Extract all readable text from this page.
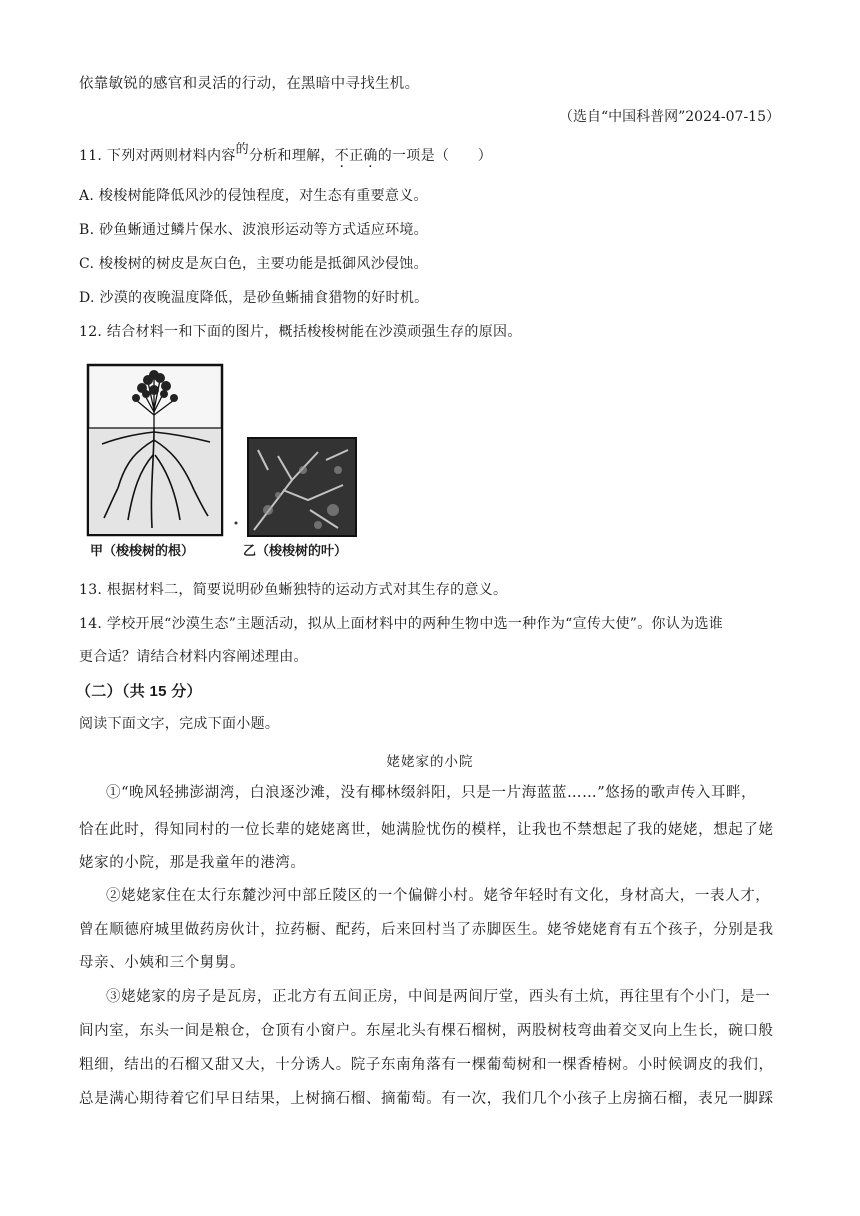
依靠敏锐的感官和灵活的行动，在黑暗中寻找生机。
（选自“中国科普网”2024-07-15）
11. 下列对两则材料内容的分析和理解，不正确的一项是（　　）
A. 梭梭树能降低风沙的侵蚀程度，对生态有重要意义。
B. 砂鱼蜥通过鳞片保水、波浪形运动等方式适应环境。
C. 梭梭树的树皮是灰白色，主要功能是抵御风沙侵蚀。
D. 沙漠的夜晚温度降低，是砂鱼蜥捕食猎物的好时机。
12. 结合材料一和下面的图片，概括梭梭树能在沙漠顽强生存的原因。
甲（梭梭树的根）	乙（梭梭树的叶）
13. 根据材料二，简要说明砂鱼蜥独特的运动方式对其生存的意义。
14. 学校开展“沙漠生态”主题活动，拟从上面材料中的两种生物中选一种作为“宣传大使”。你认为选谁
更合适？请结合材料内容阐述理由。
（二）（共 15 分）
阅读下面文字，完成下面小题。
姥姥家的小院
①“晚风轻拂澎湖湾，白浪逐沙滩，没有椰林缀斜阳，只是一片海蓝蓝……”悠扬的歌声传入耳畔，
恰在此时，得知同村的一位长辈的姥姥离世，她满脸忧伤的模样，让我也不禁想起了我的姥姥，想起了姥
姥家的小院，那是我童年的港湾。
②姥姥家住在太行东麓沙河中部丘陵区的一个偏僻小村。姥爷年轻时有文化，身材高大，一表人才，
曾在顺德府城里做药房伙计，拉药橱、配药，后来回村当了赤脚医生。姥爷姥姥育有五个孩子，分别是我
母亲、小姨和三个舅舅。
③姥姥家的房子是瓦房，正北方有五间正房，中间是两间厅堂，西头有土炕，再往里有个小门，是一
间内室，东头一间是粮仓，仓顶有小窗户。东屋北头有棵石榴树，两股树枝弯曲着交叉向上生长，碗口般
粗细，结出的石榴又甜又大，十分诱人。院子东南角落有一棵葡萄树和一棵香椿树。小时候调皮的我们，
总是满心期待着它们早日结果，上树摘石榴、摘葡萄。有一次，我们几个小孩子上房摘石榴，表兄一脚踩
